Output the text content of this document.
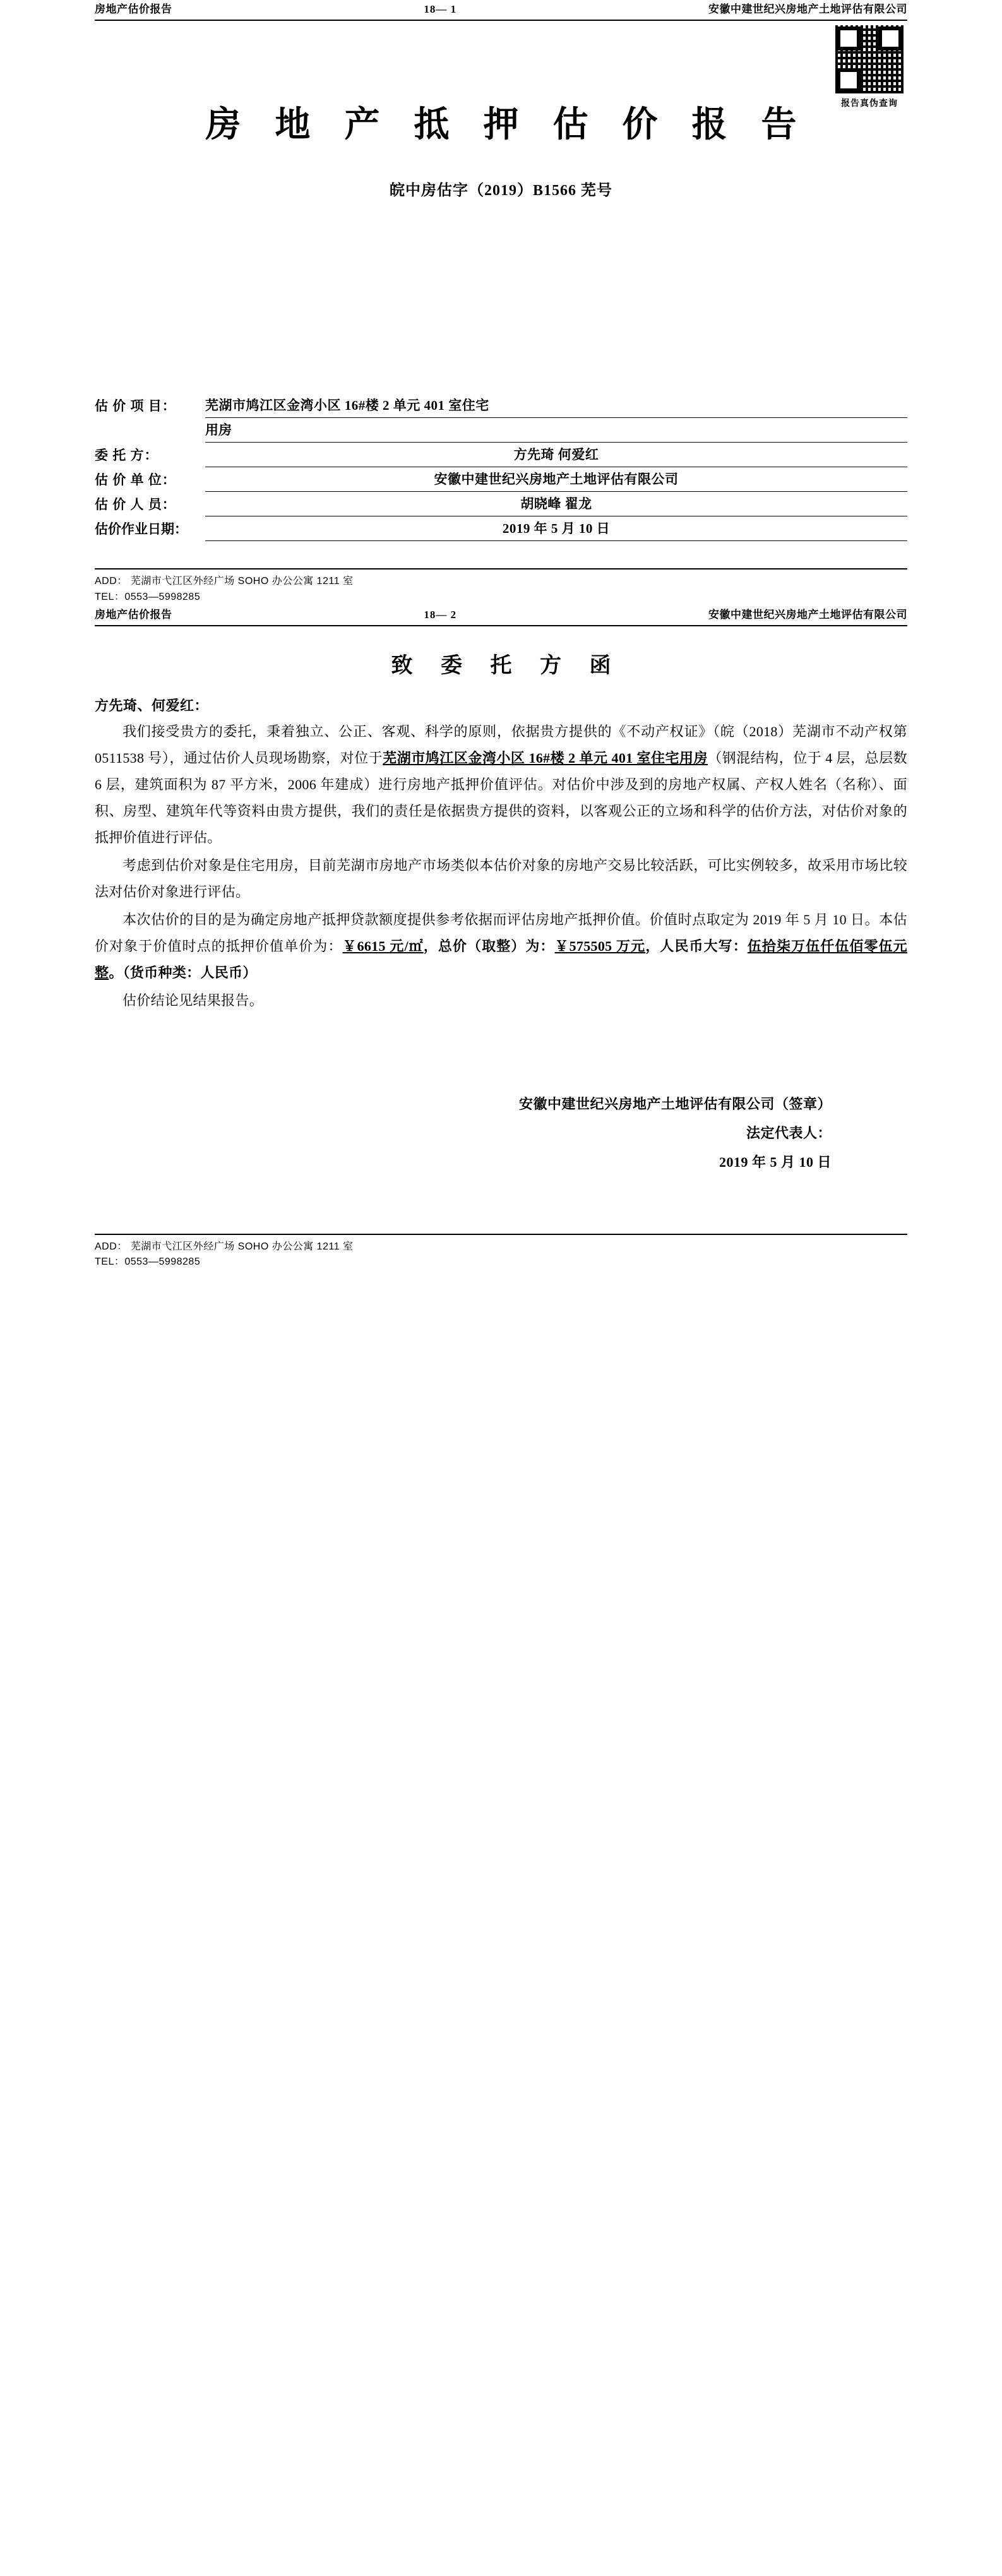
房地产估价报告	18— 1	安徽中建世纪兴房地产土地评估有限公司
报告真伪查询
房 地 产 抵 押 估 价 报 告
皖中房估字（2019）B1566 芜号
估 价 项 目：	芜湖市鸠江区金湾小区 16#楼 2 单元 401 室住宅
用房
委 托 方：	方先琦 何爱红
估 价 单 位：	安徽中建世纪兴房地产土地评估有限公司
估 价 人 员：	胡晓峰 翟龙
估价作业日期：	2019 年 5 月 10 日
ADD： 芜湖市弋江区外经广场 SOHO 办公公寓 1211 室
TEL：0553—5998285
房地产估价报告	18— 2	安徽中建世纪兴房地产土地评估有限公司
致 委 托 方 函
方先琦、何爱红：

我们接受贵方的委托，秉着独立、公正、客观、科学的原则，依据贵方提供的《不动产权证》（皖（2018）芜湖市不动产权第 0511538 号），通过估价人员现场勘察，对位于芜湖市鸠江区金湾小区 16#楼 2 单元 401 室住宅用房（钢混结构，位于 4 层，总层数 6 层，建筑面积为 87 平方米，2006 年建成）进行房地产抵押价值评估。对估价中涉及到的房地产权属、产权人姓名（名称）、面积、房型、建筑年代等资料由贵方提供，我们的责任是依据贵方提供的资料，以客观公正的立场和科学的估价方法，对估价对象的抵押价值进行评估。

考虑到估价对象是住宅用房，目前芜湖市房地产市场类似本估价对象的房地产交易比较活跃，可比实例较多，故采用市场比较法对估价对象进行评估。

本次估价的目的是为确定房地产抵押贷款额度提供参考依据而评估房地产抵押价值。价值时点取定为 2019 年 5 月 10 日。本估价对象于价值时点的抵押价值单价为：￥6615 元/㎡，总价（取整）为：￥575505 万元，人民币大写：伍拾柒万伍仟伍佰零伍元整。（货币种类：人民币）

估价结论见结果报告。

安徽中建世纪兴房地产土地评估有限公司（签章）
法定代表人：
2019 年 5 月 10 日
ADD： 芜湖市弋江区外经广场 SOHO 办公公寓 1211 室
TEL：0553—5998285
